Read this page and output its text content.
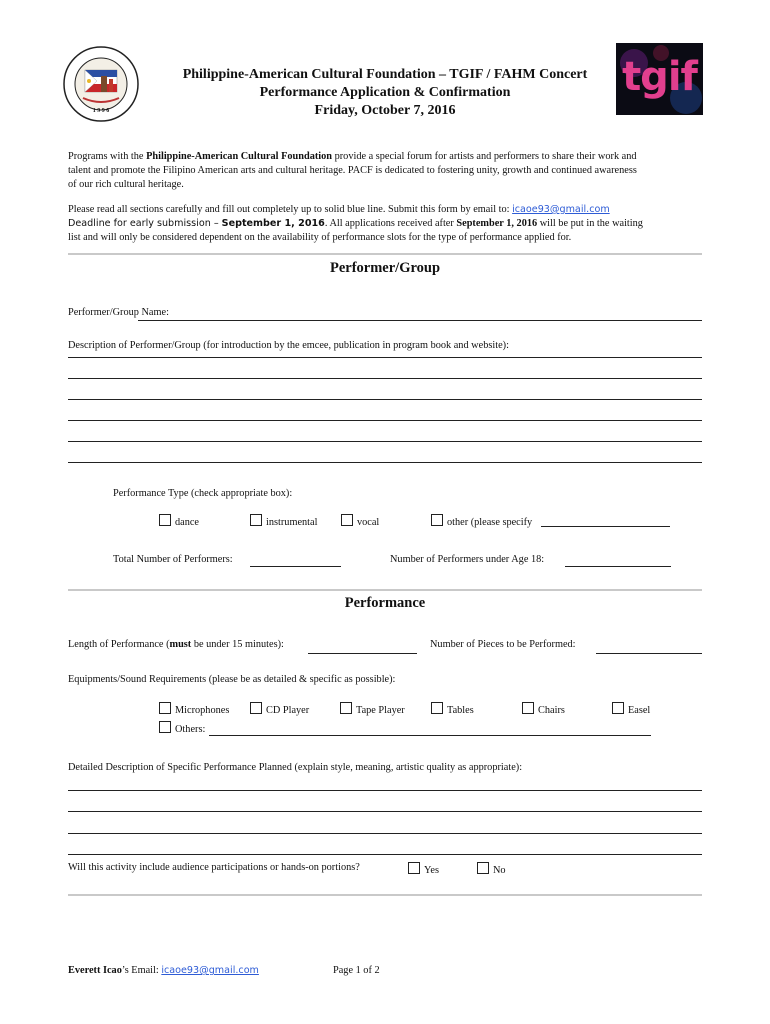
1 9 9 6
Philippine-American Cultural Foundation – TGIF / FAHM Concert
Performance Application & Confirmation
Friday, October 7, 2016
tgif
Programs with the Philippine-American Cultural Foundation provide a special forum for artists and performers to share their work and
talent and promote the Filipino American arts and cultural heritage. PACF is dedicated to fostering unity, growth and continued awareness
of our rich cultural heritage.
Please read all sections carefully and fill out completely up to solid blue line. Submit this form by email to: icaoe93@gmail.com
Deadline for early submission – September 1, 2016. All applications received after September 1, 2016 will be put in the waiting
list and will only be considered dependent on the availability of performance slots for the type of performance applied for.
Performer/Group
Performer/Group Name:
Description of Performer/Group (for introduction by the emcee, publication in program book and website):
Performance Type (check appropriate box):
dance	instrumental	vocal	other (please specify
Total Number of Performers:	Number of Performers under Age 18:
Performance
Length of Performance (must be under 15 minutes):	Number of Pieces to be Performed:
Equipments/Sound Requirements (please be as detailed & specific as possible):
Microphones	CD Player	Tape Player	Tables	Chairs	Easel
Others:
Detailed Description of Specific Performance Planned (explain style, meaning, artistic quality as appropriate):
Will this activity include audience participations or hands-on portions?	Yes	No
Everett Icao’s Email: icaoe93@gmail.com	Page 1 of 2
